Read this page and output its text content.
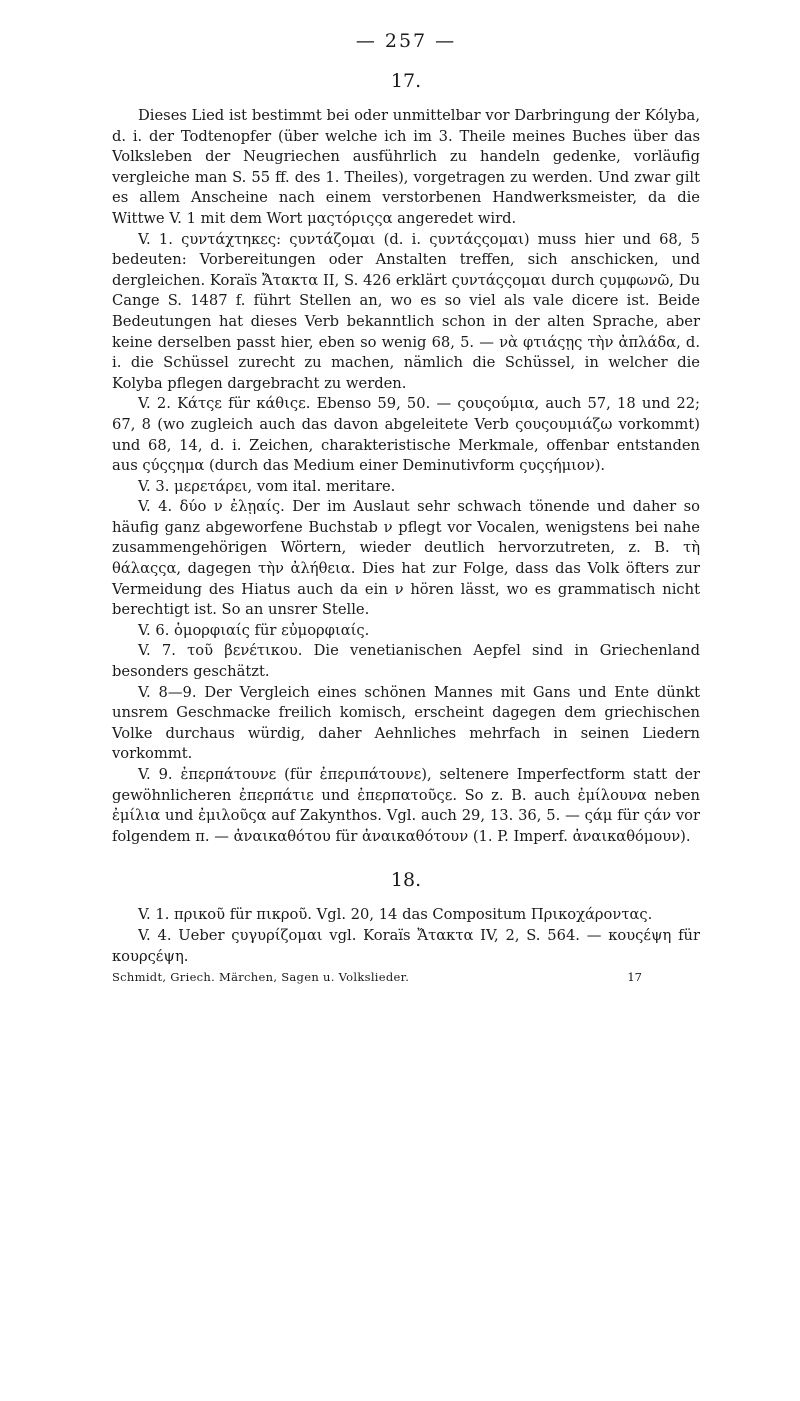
— 257 —
17.

Dieses Lied ist bestimmt bei oder unmittelbar vor Darbringung der Kólyba, d. i. der Todtenopfer (über welche ich im 3. Theile meines Buches über das Volksleben der Neugriechen ausführlich zu handeln gedenke, vorläufig vergleiche man S. 55 ff. des 1. Theiles), vorgetragen zu werden. Und zwar gilt es allem Anscheine nach einem verstorbenen Handwerksmeister, da die Wittwe V. 1 mit dem Wort μαςτόριςςα angeredet wird.

V. 1. ςυντάχτηκες: ςυντάζομαι (d. i. ςυντάςςομαι) muss hier und 68, 5 bedeuten: Vorbereitungen oder Anstalten treffen, sich anschicken, und dergleichen. Koraïs Ἄτακτα II, S. 426 erklärt ςυντάςςομαι durch ςυμφωνῶ, Du Cange S. 1487 f. führt Stellen an, wo es so viel als vale dicere ist. Beide Bedeutungen hat dieses Verb bekanntlich schon in der alten Sprache, aber keine derselben passt hier, eben so wenig 68, 5. — νὰ φτιάςῃς τὴν ἀπλάδα, d. i. die Schüssel zurecht zu machen, nämlich die Schüssel, in welcher die Kolyba pflegen dargebracht zu werden.

V. 2. Κάτςε für κάθιςε. Ebenso 59, 50. — ςουςούμια, auch 57, 18 und 22; 67, 8 (wo zugleich auch das davon abgeleitete Verb ςουςουμιάζω vorkommt) und 68, 14, d. i. Zeichen, charakteristische Merkmale, offenbar entstanden aus ςύςςημα (durch das Medium einer Deminutivform ςυςςήμιον).

V. 3. μερετάρει, vom ital. meritare.

V. 4. δύο ν ἐλῃαίς. Der im Auslaut sehr schwach tönende und daher so häufig ganz abgeworfene Buchstab ν pflegt vor Vocalen, wenigstens bei nahe zusammengehörigen Wörtern, wieder deutlich hervorzutreten, z. B. τὴ θάλαςςα, dagegen τὴν ἀλήθεια. Dies hat zur Folge, dass das Volk öfters zur Vermeidung des Hiatus auch da ein ν hören lässt, wo es grammatisch nicht berechtigt ist. So an unsrer Stelle.

V. 6. ὁμορφιαίς für εὐμορφιαίς.

V. 7. τοῦ βενέτικου. Die venetianischen Aepfel sind in Griechenland besonders geschätzt.

V. 8—9. Der Vergleich eines schönen Mannes mit Gans und Ente dünkt unsrem Geschmacke freilich komisch, erscheint dagegen dem griechischen Volke durchaus würdig, daher Aehnliches mehrfach in seinen Liedern vorkommt.

V. 9. ἐπερπάτουνε (für ἐπεριπάτουνε), seltenere Imperfectform statt der gewöhnlicheren ἐπερπάτιε und ἐπερπατοῦςε. So z. B. auch ἐμίλουνα neben ἐμίλια und ἐμιλοῦςα auf Zakynthos. Vgl. auch 29, 13. 36, 5. — ςάμ für ςάν vor folgendem π. — ἀναικαθότου für ἀναικαθότουν (1. P. Imperf. ἀναικαθόμουν).

18.

V. 1. πρικοῦ für πικροῦ. Vgl. 20, 14 das Compositum Πρικοχάροντας.

V. 4. Ueber ςυγυρίζομαι vgl. Koraïs Ἄτακτα IV, 2, S. 564. — κουςέψη für κουρςέψη.

Schmidt, Griech. Märchen, Sagen u. Volkslieder.	17
